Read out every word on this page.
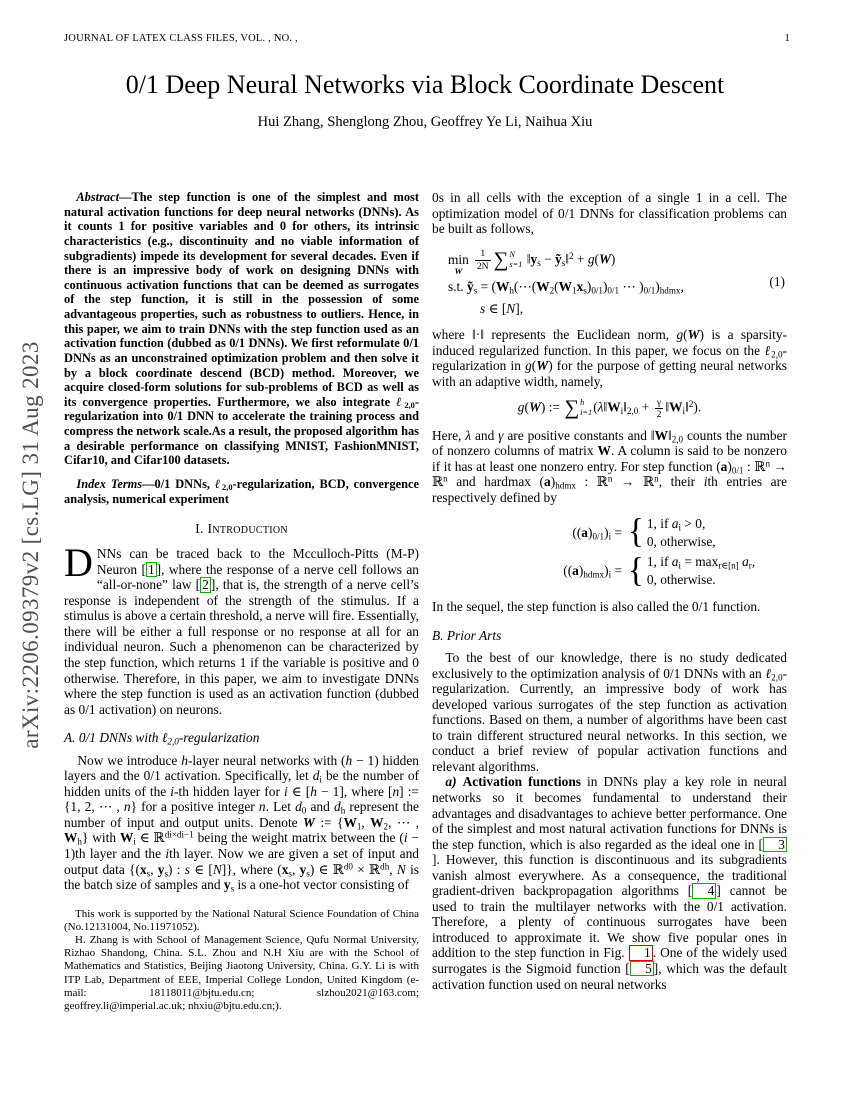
JOURNAL OF LATEX CLASS FILES, VOL. , NO. ,	1
0/1 Deep Neural Networks via Block Coordinate Descent
Hui Zhang, Shenglong Zhou, Geoffrey Ye Li, Naihua Xiu
arXiv:2206.09379v2 [cs.LG] 31 Aug 2023

Abstract—The step function is one of the simplest and most natural activation functions for deep neural networks (DNNs). As it counts 1 for positive variables and 0 for others, its intrinsic characteristics (e.g., discontinuity and no viable information of subgradients) impede its development for several decades. Even if there is an impressive body of work on designing DNNs with continuous activation functions that can be deemed as surrogates of the step function, it is still in the possession of some advantageous properties, such as robustness to outliers. Hence, in this paper, we aim to train DNNs with the step function used as an activation function (dubbed as 0/1 DNNs). We first reformulate 0/1 DNNs as an unconstrained optimization problem and then solve it by a block coordinate descend (BCD) method. Moreover, we acquire closed-form solutions for sub-problems of BCD as well as its convergence properties. Furthermore, we also integrate ℓ$_{2,0}$-regularization into 0/1 DNN to accelerate the training process and compress the network scale.As a result, the proposed algorithm has a desirable performance on classifying MNIST, FashionMNIST, Cifar10, and Cifar100 datasets.

Index Terms—0/1 DNNs, ℓ$_{2,0}$-regularization, BCD, convergence analysis, numerical experiment

I. Introduction

D NNs can be traced back to the Mcculloch-Pitts (M-P) Neuron [ 1 ], where the response of a nerve cell follows an “all-or-none” law [ 2 ], that is, the strength of a nerve cell’s response is independent of the strength of the stimulus. If a stimulus is above a certain threshold, a nerve will fire. Essentially, there will be either a full response or no response at all for an individual neuron. Such a phenomenon can be characterized by the step function, which returns 1 if the variable is positive and 0 otherwise. Therefore, in this paper, we aim to investigate DNNs where the step function is used as an activation function (dubbed as 0/1 activation) on neurons.

A. 0/1 DNNs with ℓ$_{2,0}$-regularization

Now we introduce h-layer neural networks with (h − 1) hidden layers and the 0/1 activation. Specifically, let $d_i$ be the number of hidden units of the i-th hidden layer for i ∈ [h − 1], where [n] := {1, 2, ⋯ , n} for a positive integer n. Let $d_0$ and $d_h$ represent the number of input and output units. Denote W := {$W_1$, $W_2$, ⋯ , $W_h$} with $W_i$ ∈ ℝ$^{di\times di-1}$ being the weight matrix between the (i − 1)th layer and the ith layer. Now we are given a set of input and output data {($x_s$, $y_s$) : s ∈ [N]}, where ($x_s$, $y_s$) ∈ ℝ$^{d0}$ × ℝ$^{dh}$, N is the batch size of samples and $y_s$ is a one-hot vector consisting of

This work is supported by the National Natural Science Foundation of China (No.12131004, No.11971052).

H. Zhang is with School of Management Science, Qufu Normal University, Rizhao Shandong, China. S.L. Zhou and N.H Xiu are with the School of Mathematics and Statistics, Beijing Jiaotong University, China. G.Y. Li is with ITP Lab, Department of EEE, Imperial College London, United Kingdom (e-mail: 18118011@bjtu.edu.cn; slzhou2021@163.com; geoffrey.li@imperial.ac.uk; nhxiu@bjtu.edu.cn;).

0s in all cells with the exception of a single 1 in a cell. The optimization model of 0/1 DNNs for classification problems can be built as follows,

min
W $\frac{1}{2N}$ ∑ N
s=1 $‖y_s$ − ỹ$_s$‖$^2$ + g(W)
s.t. ỹ$_s$ = ($W_h(\cdots(W_2(W_1x_s)_{0/1})_{0/1}$ ⋯ )$_{0/1})_{hdmx}$,
s ∈ [N],
(1)

where ‖·‖ represents the Euclidean norm, g(W) is a sparsity-induced regularized function. In this paper, we focus on the ℓ$_{2,0}$-regularization in g(W) for the purpose of getting neural networks with an adaptive width, namely,

g(W) := ∑ h
i=1 ($\lambda‖W_i‖_{2,0} + \frac{\gamma}{2}$ $‖W_i‖^2$).

Here, λ and γ are positive constants and $‖W‖_{2,0}$ counts the number of nonzero columns of matrix W. A column is said to be nonzero if it has at least one nonzero entry. For step function $(a)_{0/1}$ : ℝ$^n$ → ℝ$^n$ and hardmax $(a)_{hdmx}$ : ℝ$^n$ → ℝ$^n$, their ith entries are respectively defined by

$((a)_{0/1})_i$ = { 1, if $a_i > 0$,
0, otherwise,
$((a)_{hdmx})_i$ = { 1, if $a_i = \max_{r\in[n]} a_r$,
0, otherwise.

In the sequel, the step function is also called the 0/1 function.

B. Prior Arts

To the best of our knowledge, there is no study dedicated exclusively to the optimization analysis of 0/1 DNNs with an ℓ$_{2,0}$-regularization. Currently, an impressive body of work has developed various surrogates of the step function as activation functions. Based on them, a number of algorithms have been cast to train different structured neural networks. In this section, we conduct a brief review of popular activation functions and relevant algorithms.

a) Activation functions in DNNs play a key role in neural networks so it becomes fundamental to understand their advantages and disadvantages to achieve better performance. One of the simplest and most natural activation functions for DNNs is the step function, which is also regarded as the ideal one in [ 3]. However, this function is discontinuous and its subgradients vanish almost everywhere. As a consequence, the traditional gradient-driven backpropagation algorithms [ 4 ] cannot be used to train the multilayer networks with the 0/1 activation. Therefore, a plenty of continuous surrogates have been introduced to approximate it. We show five popular ones in addition to the step function in Fig. 1 . One of the widely used surrogates is the Sigmoid function [ 5 ], which was the default activation function used on neural networks
